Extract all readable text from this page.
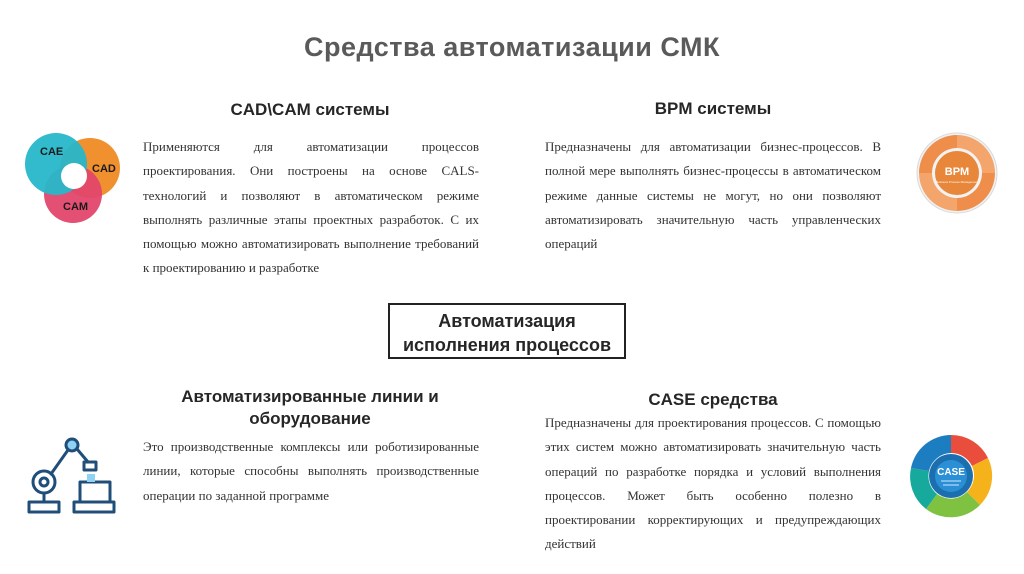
Средства автоматизации СМК
CAD\CAM системы
Применяются для автоматизации процессов проектирования. Они построены на основе CALS-технологий и позволяют в автоматическом режиме выполнять различные этапы проектных разработок. С их помощью можно автоматизировать выполнение требований к проектированию и разработке
CAE
CAD
CAM
BPM системы
Предназначены для автоматизации бизнес-процессов. В полной мере выполнять бизнес-процессы в автоматическом режиме данные системы не могут, но они позволяют автоматизировать значительную часть управленческих операций
BPM
Business Process Management
Автоматизация
исполнения процессов
Автоматизированные линии и
оборудование
Это производственные комплексы или роботизированные линии, которые способны выполнять производственные операции по заданной программе
CASE средства
Предназначены для проектирования процессов. С помощью этих систем можно автоматизировать значительную часть операций по разработке порядка и условий выполнения процессов. Может быть особенно полезно в проектировании корректирующих и предупреждающих действий
CASE
